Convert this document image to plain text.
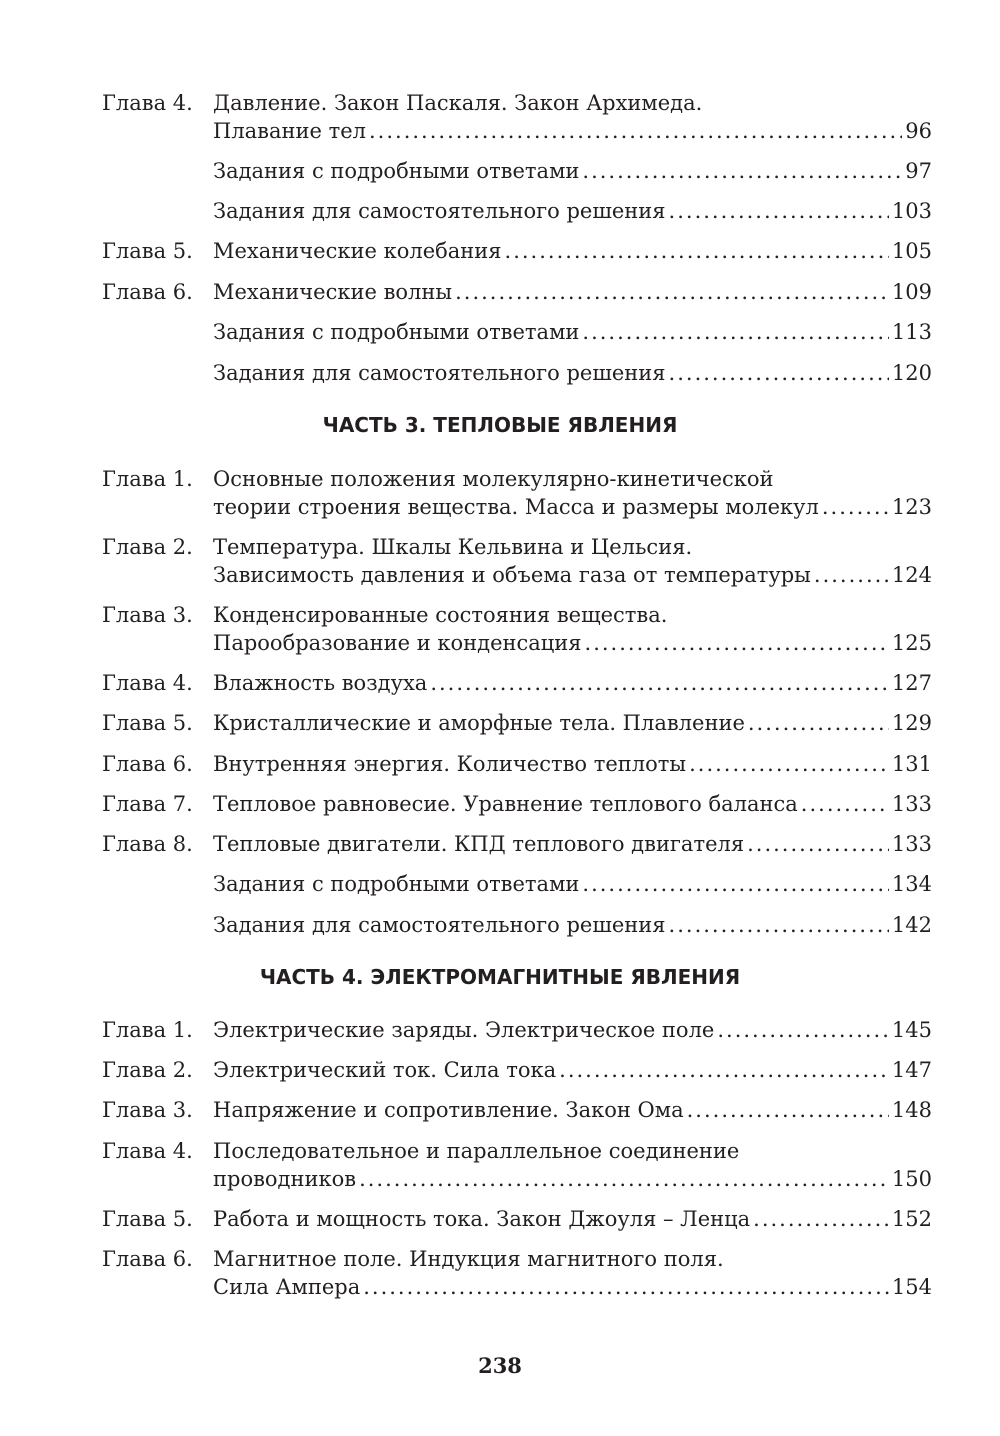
Глава 4. Давление. Закон Паскаля. Закон Архимеда.
Плавание тел .....	96
Задания с подробными ответами .....	97
Задания для самостоятельного решения .....	103
Глава 5. Механические колебания .....	105
Глава 6. Механические волны .....	109
Задания с подробными ответами .....	113
Задания для самостоятельного решения .....	120
ЧАСТЬ 3. ТЕПЛОВЫЕ ЯВЛЕНИЯ
Глава 1. Основные положения молекулярно-кинетической
теории строения вещества. Масса и размеры молекул .....	123
Глава 2. Температура. Шкалы Кельвина и Цельсия.
Зависимость давления и объема газа от температуры .....	124
Глава 3. Конденсированные состояния вещества.
Парообразование и конденсация .....	125
Глава 4. Влажность воздуха .....	127
Глава 5. Кристаллические и аморфные тела. Плавление .....	129
Глава 6. Внутренняя энергия. Количество теплоты .....	131
Глава 7. Тепловое равновесие. Уравнение теплового баланса .....	133
Глава 8. Тепловые двигатели. КПД теплового двигателя .....	133
Задания с подробными ответами .....	134
Задания для самостоятельного решения .....	142
ЧАСТЬ 4. ЭЛЕКТРОМАГНИТНЫЕ ЯВЛЕНИЯ
Глава 1. Электрические заряды. Электрическое поле .....	145
Глава 2. Электрический ток. Сила тока .....	147
Глава 3. Напряжение и сопротивление. Закон Ома .....	148
Глава 4. Последовательное и параллельное соединение
проводников .....	150
Глава 5. Работа и мощность тока. Закон Джоуля – Ленца .....	152
Глава 6. Магнитное поле. Индукция магнитного поля.
Сила Ампера .....	154
238
